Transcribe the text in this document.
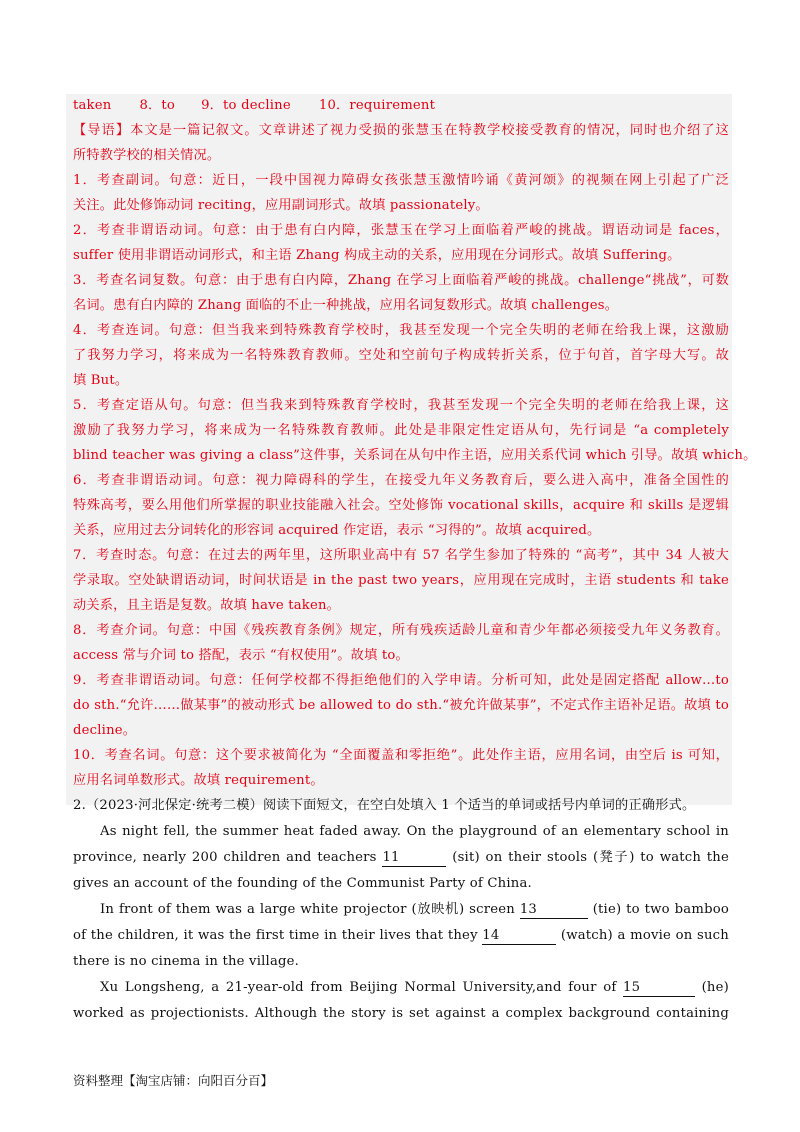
taken 8．to 9．to decline 10．requirement
【导语】本文是一篇记叙文。文章讲述了视力受损的张慧玉在特教学校接受教育的情况，同时也介绍了这
所特教学校的相关情况。
1．考查副词。句意：近日，一段中国视力障碍女孩张慧玉激情吟诵《黄河颂》的视频在网上引起了广泛
关注。此处修饰动词 reciting，应用副词形式。故填 passionately。
2．考查非谓语动词。句意：由于患有白内障，张慧玉在学习上面临着严峻的挑战。谓语动词是 faces，
suffer 使用非谓语动词形式，和主语 Zhang 构成主动的关系，应用现在分词形式。故填 Suffering。
3．考查名词复数。句意：由于患有白内障，Zhang 在学习上面临着严峻的挑战。challenge“挑战”，可数
名词。患有白内障的 Zhang 面临的不止一种挑战，应用名词复数形式。故填 challenges。
4．考查连词。句意：但当我来到特殊教育学校时，我甚至发现一个完全失明的老师在给我上课，这激励
了我努力学习，将来成为一名特殊教育教师。空处和空前句子构成转折关系，位于句首，首字母大写。故
填 But。
5．考查定语从句。句意：但当我来到特殊教育学校时，我甚至发现一个完全失明的老师在给我上课，这
激励了我努力学习，将来成为一名特殊教育教师。此处是非限定性定语从句，先行词是 “a completely
blind teacher was giving a class”这件事，关系词在从句中作主语，应用关系代词 which 引导。故填 which。
6．考查非谓语动词。句意：视力障碍科的学生，在接受九年义务教育后，要么进入高中，准备全国性的
特殊高考，要么用他们所掌握的职业技能融入社会。空处修饰 vocational skills，acquire 和 skills 是逻辑
关系，应用过去分词转化的形容词 acquired 作定语，表示 “习得的”。故填 acquired。
7．考查时态。句意：在过去的两年里，这所职业高中有 57 名学生参加了特殊的 “高考”，其中 34 人被大
学录取。空处缺谓语动词，时间状语是 in the past two years，应用现在完成时，主语 students 和 take
动关系，且主语是复数。故填 have taken。
8．考查介词。句意：中国《残疾教育条例》规定，所有残疾适龄儿童和青少年都必须接受九年义务教育。
access 常与介词 to 搭配，表示 “有权使用”。故填 to。
9．考查非谓语动词。句意：任何学校都不得拒绝他们的入学申请。分析可知，此处是固定搭配 allow…to
do sth.“允许……做某事”的被动形式 be allowed to do sth.“被允许做某事”，不定式作主语补足语。故填 to
decline。
10．考查名词。句意：这个要求被简化为 “全面覆盖和零拒绝”。此处作主语，应用名词，由空后 is 可知，
应用名词单数形式。故填 requirement。
2.（2023·河北保定·统考二模）阅读下面短文，在空白处填入 1 个适当的单词或括号内单词的正确形式。
As night fell, the summer heat faded away. On the playground of an elementary school in
province, nearly 200 children and teachers 11	(sit) on their stools (凳子) to watch the
gives an account of the founding of the Communist Party of China.
In front of them was a large white projector (放映机) screen 13	(tie) to two bamboo
of the children, it was the first time in their lives that they 14	(watch) a movie on such
there is no cinema in the village.
Xu Longsheng, a 21-year-old from Beijing Normal University,and four of 15	(he)
worked as projectionists. Although the story is set against a complex background containing
资料整理【淘宝店铺：向阳百分百】
